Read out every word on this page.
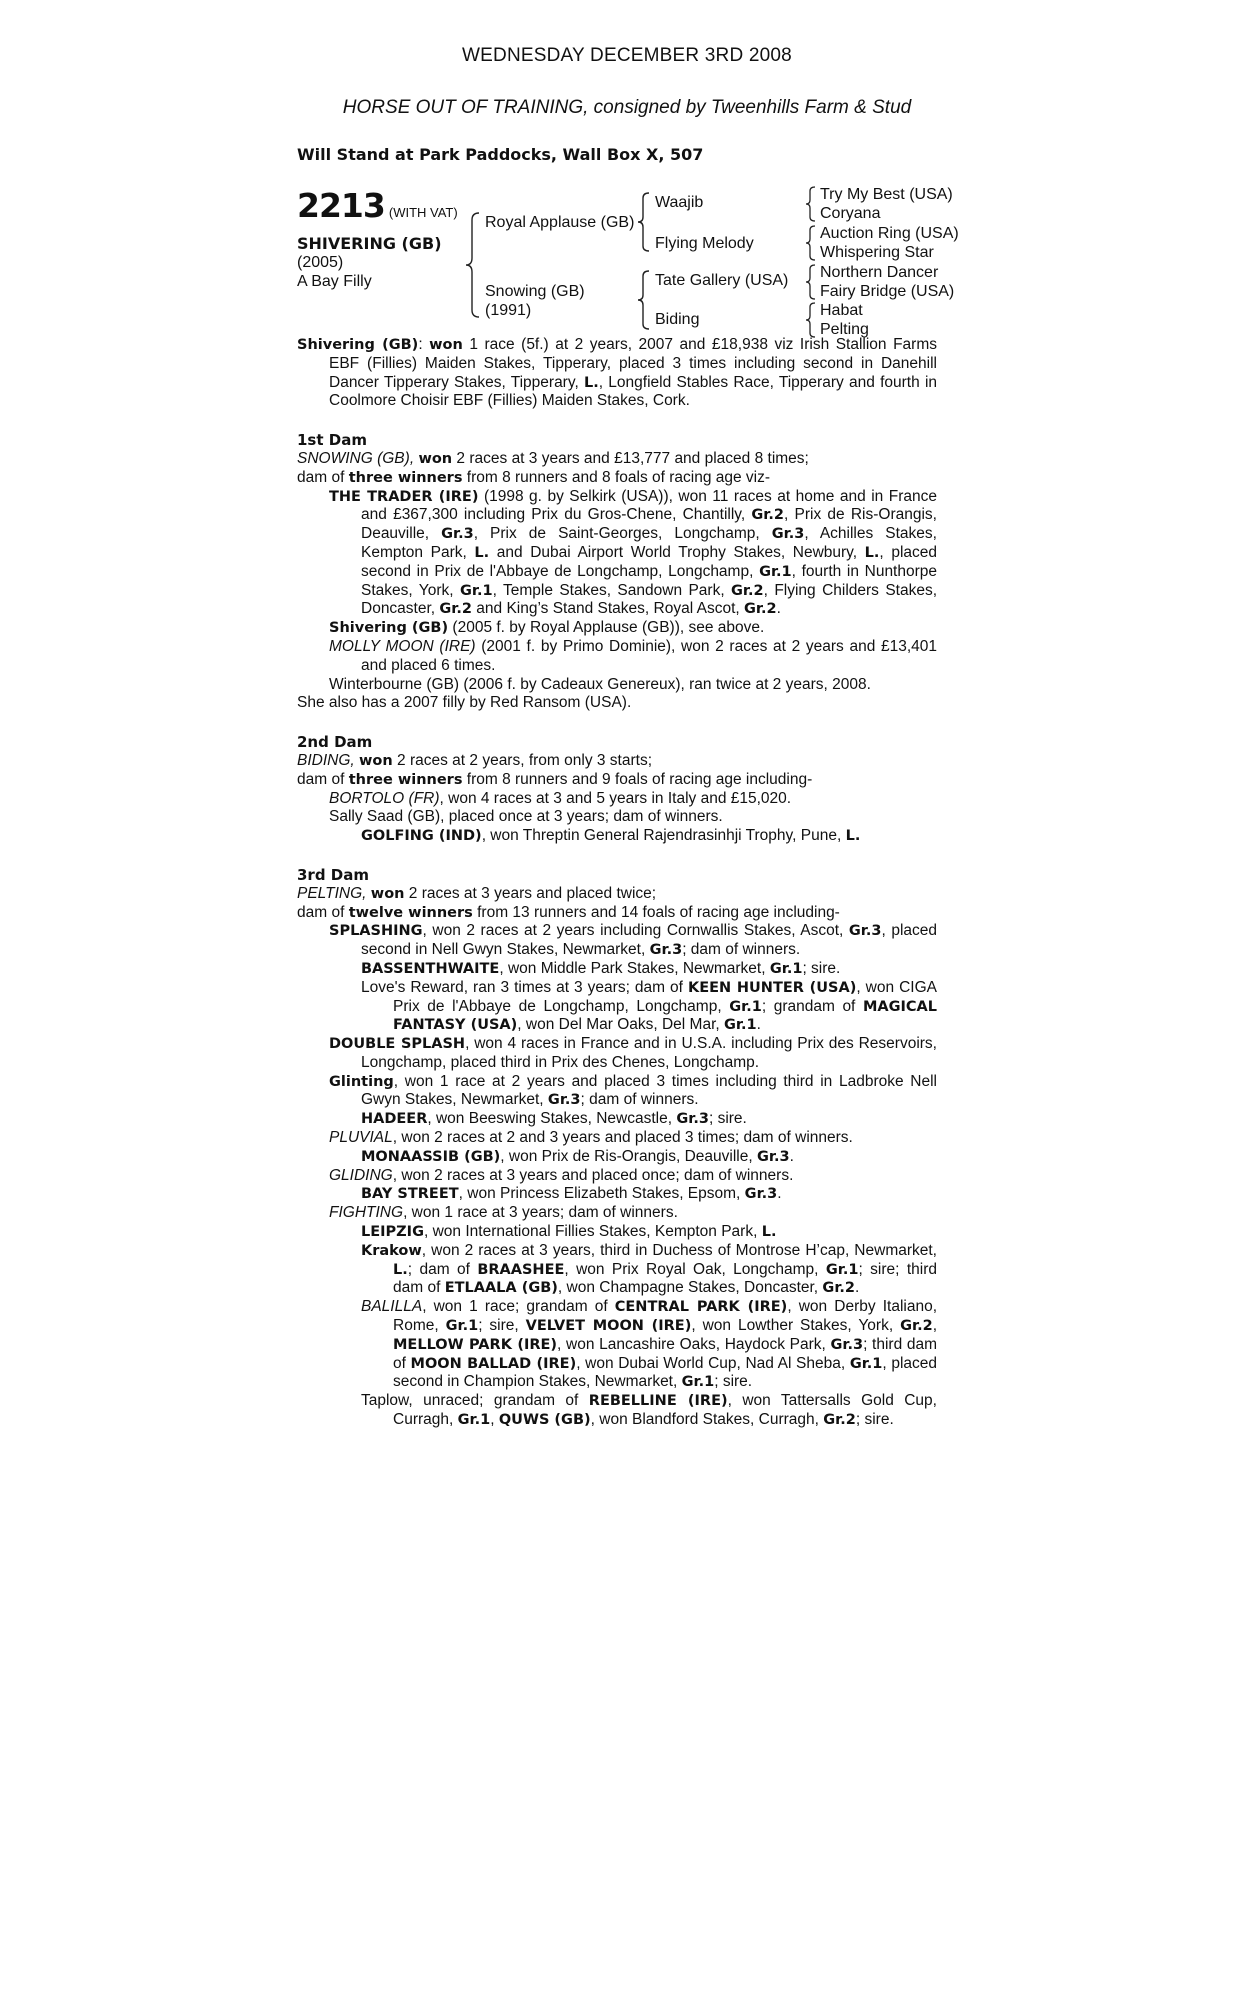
WEDNESDAY DECEMBER 3RD 2008
HORSE OUT OF TRAINING, consigned by Tweenhills Farm & Stud
Will Stand at Park Paddocks, Wall Box X, 507
2213 (WITH VAT)
SHIVERING (GB)
(2005)
A Bay Filly
Royal Applause (GB)
Snowing (GB)
(1991)
Waajib
Flying Melody
Tate Gallery (USA)
Biding
Try My Best (USA)
Coryana
Auction Ring (USA)
Whispering Star
Northern Dancer
Fairy Bridge (USA)
Habat
Pelting

Shivering (GB): won 1 race (5f.) at 2 years, 2007 and £18,938 viz Irish Stallion Farms EBF (Fillies) Maiden Stakes, Tipperary, placed 3 times including second in Danehill Dancer Tipperary Stakes, Tipperary, L., Longfield Stables Race, Tipperary and fourth in Coolmore Choisir EBF (Fillies) Maiden Stakes, Cork.

1st Dam

SNOWING (GB), won 2 races at 3 years and £13,777 and placed 8 times;

dam of three winners from 8 runners and 8 foals of racing age viz-

THE TRADER (IRE) (1998 g. by Selkirk (USA)), won 11 races at home and in France and £367,300 including Prix du Gros-Chene, Chantilly, Gr.2, Prix de Ris-Orangis, Deauville, Gr.3, Prix de Saint-Georges, Longchamp, Gr.3, Achilles Stakes, Kempton Park, L. and Dubai Airport World Trophy Stakes, Newbury, L., placed second in Prix de l'Abbaye de Longchamp, Longchamp, Gr.1, fourth in Nunthorpe Stakes, York, Gr.1, Temple Stakes, Sandown Park, Gr.2, Flying Childers Stakes, Doncaster, Gr.2 and King’s Stand Stakes, Royal Ascot, Gr.2.

Shivering (GB) (2005 f. by Royal Applause (GB)), see above.

MOLLY MOON (IRE) (2001 f. by Primo Dominie), won 2 races at 2 years and £13,401 and placed 6 times.

Winterbourne (GB) (2006 f. by Cadeaux Genereux), ran twice at 2 years, 2008.

She also has a 2007 filly by Red Ransom (USA).

2nd Dam

BIDING, won 2 races at 2 years, from only 3 starts;

dam of three winners from 8 runners and 9 foals of racing age including-

BORTOLO (FR), won 4 races at 3 and 5 years in Italy and £15,020.

Sally Saad (GB), placed once at 3 years; dam of winners.

GOLFING (IND), won Threptin General Rajendrasinhji Trophy, Pune, L.

3rd Dam

PELTING, won 2 races at 3 years and placed twice;

dam of twelve winners from 13 runners and 14 foals of racing age including-

SPLASHING, won 2 races at 2 years including Cornwallis Stakes, Ascot, Gr.3, placed second in Nell Gwyn Stakes, Newmarket, Gr.3; dam of winners.

BASSENTHWAITE, won Middle Park Stakes, Newmarket, Gr.1; sire.

Love's Reward, ran 3 times at 3 years; dam of KEEN HUNTER (USA), won CIGA Prix de l'Abbaye de Longchamp, Longchamp, Gr.1; grandam of MAGICAL FANTASY (USA), won Del Mar Oaks, Del Mar, Gr.1.

DOUBLE SPLASH, won 4 races in France and in U.S.A. including Prix des Reservoirs, Longchamp, placed third in Prix des Chenes, Longchamp.

Glinting, won 1 race at 2 years and placed 3 times including third in Ladbroke Nell Gwyn Stakes, Newmarket, Gr.3; dam of winners.

HADEER, won Beeswing Stakes, Newcastle, Gr.3; sire.

PLUVIAL, won 2 races at 2 and 3 years and placed 3 times; dam of winners.

MONAASSIB (GB), won Prix de Ris-Orangis, Deauville, Gr.3.

GLIDING, won 2 races at 3 years and placed once; dam of winners.

BAY STREET, won Princess Elizabeth Stakes, Epsom, Gr.3.

FIGHTING, won 1 race at 3 years; dam of winners.

LEIPZIG, won International Fillies Stakes, Kempton Park, L.

Krakow, won 2 races at 3 years, third in Duchess of Montrose H’cap, Newmarket, L.; dam of BRAASHEE, won Prix Royal Oak, Longchamp, Gr.1; sire; third dam of ETLAALA (GB), won Champagne Stakes, Doncaster, Gr.2.

BALILLA, won 1 race; grandam of CENTRAL PARK (IRE), won Derby Italiano, Rome, Gr.1; sire, VELVET MOON (IRE), won Lowther Stakes, York, Gr.2, MELLOW PARK (IRE), won Lancashire Oaks, Haydock Park, Gr.3; third dam of MOON BALLAD (IRE), won Dubai World Cup, Nad Al Sheba, Gr.1, placed second in Champion Stakes, Newmarket, Gr.1; sire.

Taplow, unraced; grandam of REBELLINE (IRE), won Tattersalls Gold Cup, Curragh, Gr.1, QUWS (GB), won Blandford Stakes, Curragh, Gr.2; sire.
